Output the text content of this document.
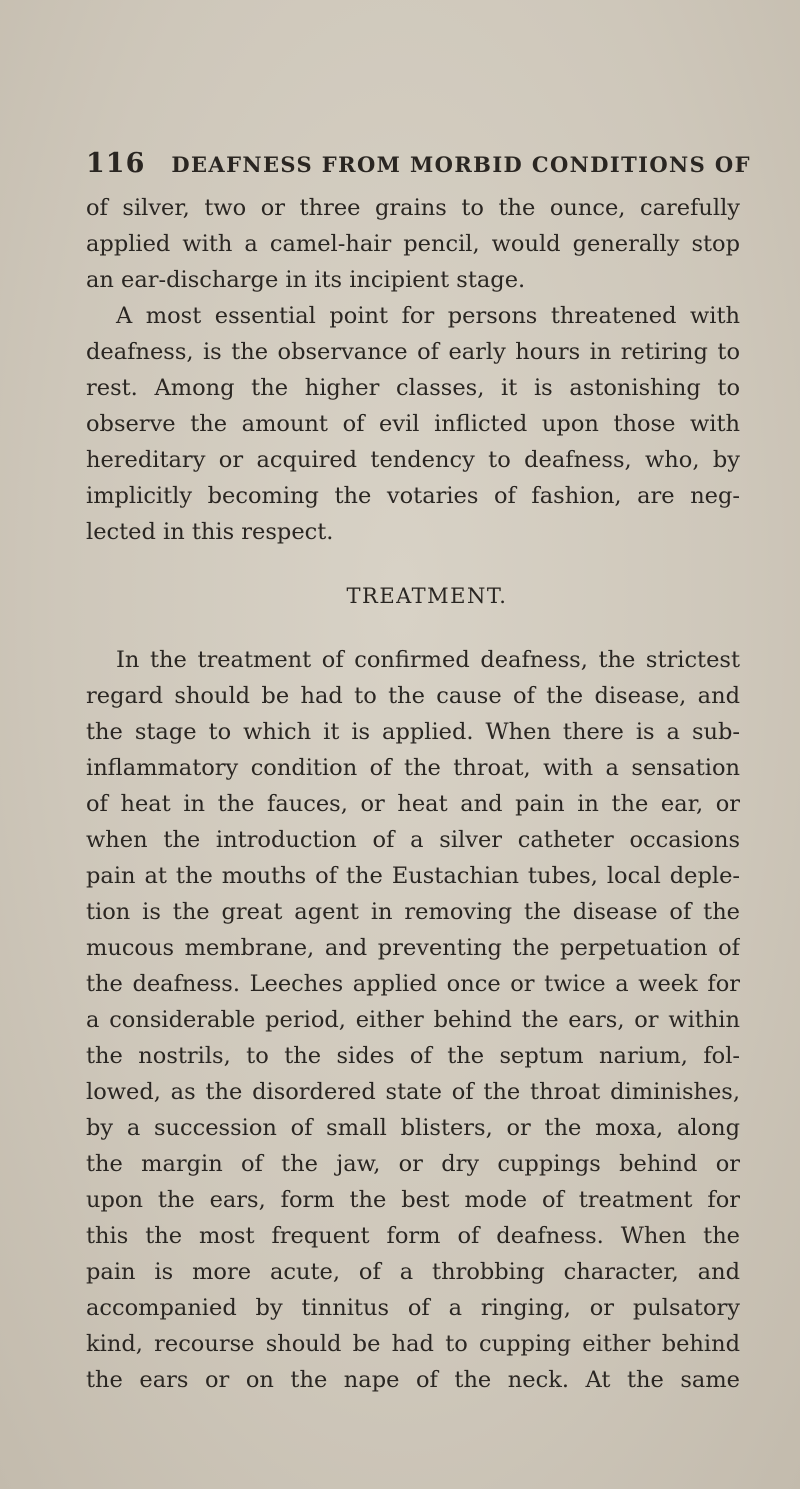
116 DEAFNESS FROM MORBID CONDITIONS OF
of silver, two or three grains to the ounce, carefully
applied with a camel-hair pencil, would generally stop
an ear-discharge in its incipient stage.
A most essential point for persons threatened with
deafness, is the observance of early hours in retiring to
rest. Among the higher classes, it is astonishing to
observe the amount of evil inflicted upon those with
hereditary or acquired tendency to deafness, who, by
implicitly becoming the votaries of fashion, are neg-
lected in this respect.
TREATMENT.
In the treatment of confirmed deafness, the strictest
regard should be had to the cause of the disease, and
the stage to which it is applied. When there is a sub-
inflammatory condition of the throat, with a sensation
of heat in the fauces, or heat and pain in the ear, or
when the introduction of a silver catheter occasions
pain at the mouths of the Eustachian tubes, local deple-
tion is the great agent in removing the disease of the
mucous membrane, and preventing the perpetuation of
the deafness. Leeches applied once or twice a week for
a considerable period, either behind the ears, or within
the nostrils, to the sides of the septum narium, fol-
lowed, as the disordered state of the throat diminishes,
by a succession of small blisters, or the moxa, along
the margin of the jaw, or dry cuppings behind or
upon the ears, form the best mode of treatment for
this the most frequent form of deafness. When the
pain is more acute, of a throbbing character, and
accompanied by tinnitus of a ringing, or pulsatory
kind, recourse should be had to cupping either behind
the ears or on the nape of the neck. At the same
